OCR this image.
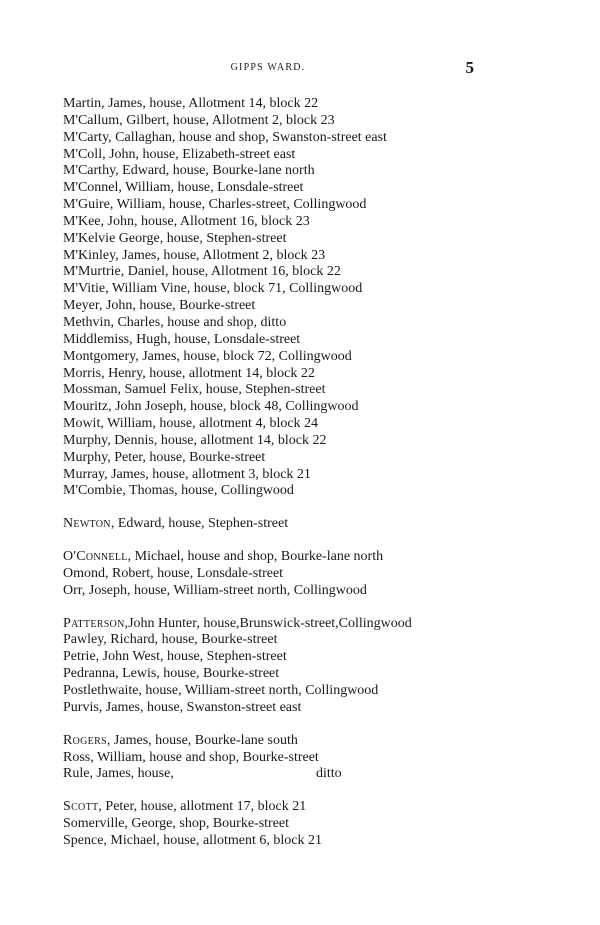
GIPPS WARD.	5
Martin, James, house, Allotment 14, block 22
M'Callum, Gilbert, house, Allotment 2, block 23
M'Carty, Callaghan, house and shop, Swanston-street east
M'Coll, John, house, Elizabeth-street east
M'Carthy, Edward, house, Bourke-lane north
M'Connel, William, house, Lonsdale-street
M'Guire, William, house, Charles-street, Collingwood
M'Kee, John, house, Allotment 16, block 23
M'Kelvie George, house, Stephen-street
M'Kinley, James, house, Allotment 2, block 23
M'Murtrie, Daniel, house, Allotment 16, block 22
M'Vitie, William Vine, house, block 71, Collingwood
Meyer, John, house, Bourke-street
Methvin, Charles, house and shop, ditto
Middlemiss, Hugh, house, Lonsdale-street
Montgomery, James, house, block 72, Collingwood
Morris, Henry, house, allotment 14, block 22
Mossman, Samuel Felix, house, Stephen-street
Mouritz, John Joseph, house, block 48, Collingwood
Mowit, William, house, allotment 4, block 24
Murphy, Dennis, house, allotment 14, block 22
Murphy, Peter, house, Bourke-street
Murray, James, house, allotment 3, block 21
M'Combie, Thomas, house, Collingwood
Newton, Edward, house, Stephen-street
O'Connell, Michael, house and shop, Bourke-lane north
Omond, Robert, house, Lonsdale-street
Orr, Joseph, house, William-street north, Collingwood
Patterson,John Hunter, house,Brunswick-street,Collingwood
Pawley, Richard, house, Bourke-street
Petrie, John West, house, Stephen-street
Pedranna, Lewis, house, Bourke-street
Postlethwaite, house, William-street north, Collingwood
Purvis, James, house, Swanston-street east
Rogers, James, house, Bourke-lane south
Ross, William, house and shop, Bourke-street
Rule, James, house,	ditto
Scott, Peter, house, allotment 17, block 21
Somerville, George, shop, Bourke-street
Spence, Michael, house, allotment 6, block 21
